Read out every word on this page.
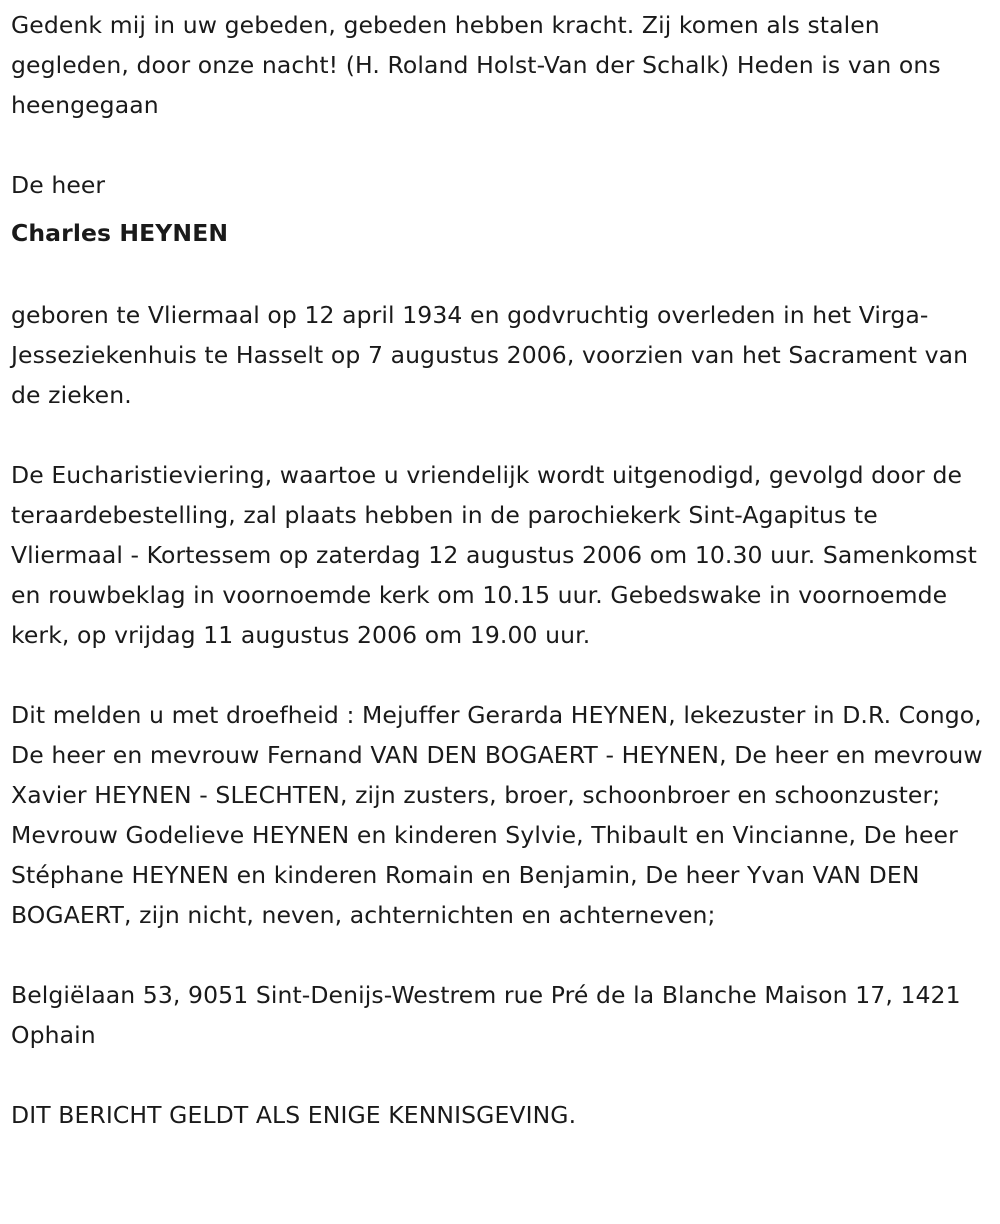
Gedenk mij in uw gebeden, gebeden hebben kracht. Zij komen als stalen gegleden, door onze nacht! (H. Roland Holst-Van der Schalk) Heden is van ons heengegaan

De heer

Charles HEYNEN

geboren te Vliermaal op 12 april 1934 en godvruchtig overleden in het Virga-Jesseziekenhuis te Hasselt op 7 augustus 2006, voorzien van het Sacrament van de zieken.

De Eucharistieviering, waartoe u vriendelijk wordt uitgenodigd, gevolgd door de teraardebestelling, zal plaats hebben in de parochiekerk Sint-Agapitus te Vliermaal - Kortessem op zaterdag 12 augustus 2006 om 10.30 uur. Samenkomst en rouwbeklag in voornoemde kerk om 10.15 uur. Gebedswake in voornoemde kerk, op vrijdag 11 augustus 2006 om 19.00 uur.

Dit melden u met droefheid : Mejuffer Gerarda HEYNEN, lekezuster in D.R. Congo, De heer en mevrouw Fernand VAN DEN BOGAERT - HEYNEN, De heer en mevrouw Xavier HEYNEN - SLECHTEN, zijn zusters, broer, schoonbroer en schoonzuster; Mevrouw Godelieve HEYNEN en kinderen Sylvie, Thibault en Vincianne, De heer Stéphane HEYNEN en kinderen Romain en Benjamin, De heer Yvan VAN DEN BOGAERT, zijn nicht, neven, achternichten en achterneven;

Belgiëlaan 53, 9051 Sint-Denijs-Westrem rue Pré de la Blanche Maison 17, 1421 Ophain

DIT BERICHT GELDT ALS ENIGE KENNISGEVING.
